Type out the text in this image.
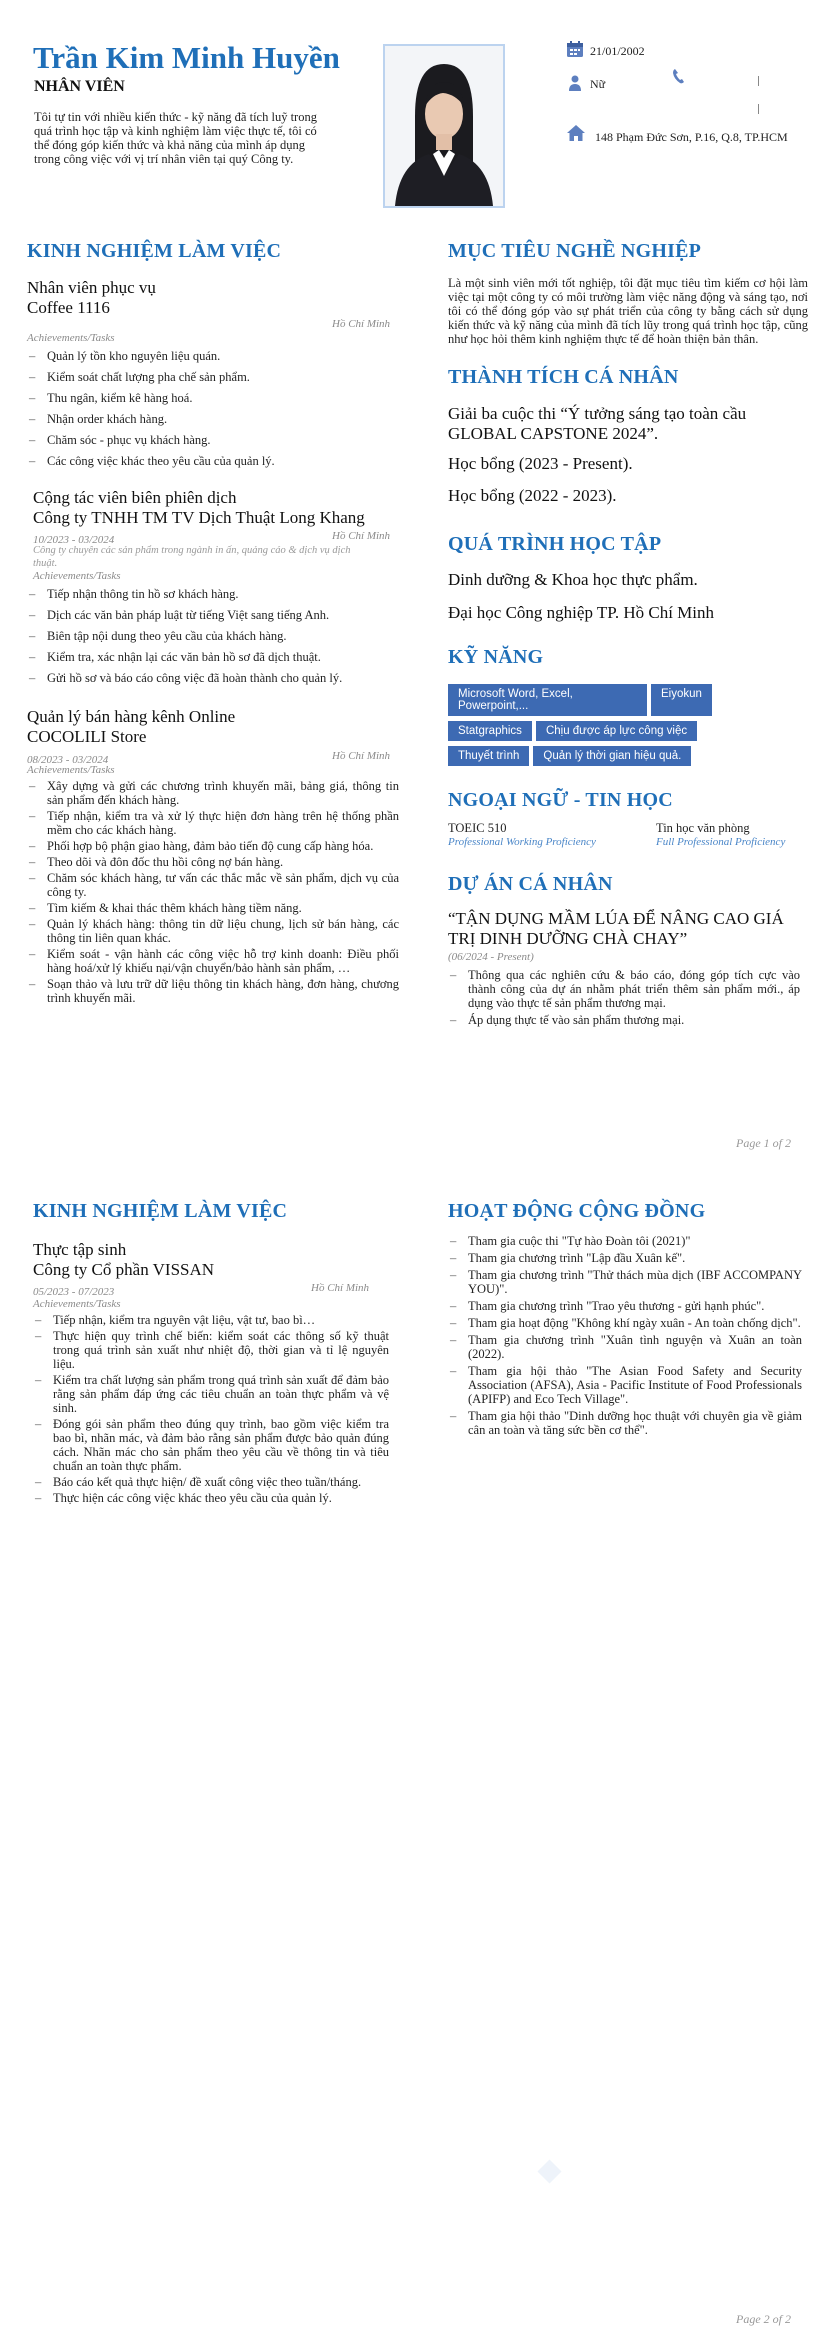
Trần Kim Minh Huyền
NHÂN VIÊN
Tôi tự tin với nhiều kiến thức - kỹ năng đã tích luỹ trong quá trình học tập và kinh nghiệm làm việc thực tế, tôi có thể đóng góp kiến thức và khả năng của mình áp dụng trong công việc với vị trí nhân viên tại quý Công ty.
21/01/2002
Nữ
148 Phạm Đức Sơn, P.16, Q.8, TP.HCM
KINH NGHIỆM LÀM VIỆC
Nhân viên phục vụ
Coffee 1116
Hồ Chí Minh
Achievements/Tasks
– Quản lý tồn kho nguyên liệu quán.
– Kiểm soát chất lượng pha chế sản phẩm.
– Thu ngân, kiểm kê hàng hoá.
– Nhận order khách hàng.
– Chăm sóc - phục vụ khách hàng.
– Các công việc khác theo yêu cầu của quản lý.
Cộng tác viên biên phiên dịch
Công ty TNHH TM TV Dịch Thuật Long Khang
10/2023 - 03/2024	Hồ Chí Minh
Công ty chuyên các sản phẩm trong ngành in ấn, quảng cáo & dịch vụ dịch thuật.
Achievements/Tasks
– Tiếp nhận thông tin hồ sơ khách hàng.
– Dịch các văn bản pháp luật từ tiếng Việt sang tiếng Anh.
– Biên tập nội dung theo yêu cầu của khách hàng.
– Kiểm tra, xác nhận lại các văn bản hồ sơ đã dịch thuật.
– Gửi hồ sơ và báo cáo công việc đã hoàn thành cho quản lý.
Quản lý bán hàng kênh Online
COCOLILI Store
08/2023 - 03/2024	Hồ Chí Minh
Achievements/Tasks
– Xây dựng và gửi các chương trình khuyến mãi, bảng giá, thông tin sản phẩm đến khách hàng.
– Tiếp nhận, kiểm tra và xử lý thực hiện đơn hàng trên hệ thống phần mềm cho các khách hàng.
– Phối hợp bộ phận giao hàng, đảm bảo tiến độ cung cấp hàng hóa.
– Theo dõi và đôn đốc thu hồi công nợ bán hàng.
– Chăm sóc khách hàng, tư vấn các thắc mắc về sản phẩm, dịch vụ của công ty.
– Tìm kiếm & khai thác thêm khách hàng tiềm năng.
– Quản lý khách hàng: thông tin dữ liệu chung, lịch sử bán hàng, các thông tin liên quan khác.
– Kiểm soát - vận hành các công việc hỗ trợ kinh doanh: Điều phối hàng hoá/xử lý khiếu nại/vận chuyển/bảo hành sản phẩm, …
– Soạn thảo và lưu trữ dữ liệu thông tin khách hàng, đơn hàng, chương trình khuyến mãi.
MỤC TIÊU NGHỀ NGHIỆP
Là một sinh viên mới tốt nghiệp, tôi đặt mục tiêu tìm kiếm cơ hội làm việc tại một công ty có môi trường làm việc năng động và sáng tạo, nơi tôi có thể đóng góp vào sự phát triển của công ty bằng cách sử dụng kiến thức và kỹ năng của mình đã tích lũy trong quá trình học tập, cũng như học hỏi thêm kinh nghiệm thực tế để hoàn thiện bản thân.
THÀNH TÍCH CÁ NHÂN
Giải ba cuộc thi “Ý tưởng sáng tạo toàn cầu GLOBAL CAPSTONE 2024”.
Học bổng (2023 - Present).
Học bổng (2022 - 2023).
QUÁ TRÌNH HỌC TẬP
Dinh dưỡng & Khoa học thực phẩm.
Đại học Công nghiệp TP. Hồ Chí Minh
KỸ NĂNG
Microsoft Word, Excel, Powerpoint,...
Eiyokun
Statgraphics	Chịu được áp lực công việc
Thuyết trình	Quản lý thời gian hiệu quả.
NGOẠI NGỮ - TIN HỌC
TOEIC 510
Professional Working Proficiency
Tin học văn phòng
Full Professional Proficiency
DỰ ÁN CÁ NHÂN
“TẬN DỤNG MẦM LÚA ĐỂ NÂNG CAO GIÁ TRỊ DINH DƯỠNG CHÀ CHAY”
(06/2024 - Present)
– Thông qua các nghiên cứu & báo cáo, đóng góp tích cực vào thành công của dự án nhằm phát triển thêm sản phẩm mới., áp dụng vào thực tế sản phẩm thương mại.
– Áp dụng thực tế vào sản phẩm thương mại.
Page 1 of 2
KINH NGHIỆM LÀM VIỆC
Thực tập sinh
Công ty Cổ phần VISSAN
05/2023 - 07/2023	Hồ Chí Minh
Achievements/Tasks
– Tiếp nhận, kiểm tra nguyên vật liệu, vật tư, bao bì…
– Thực hiện quy trình chế biến: kiểm soát các thông số kỹ thuật trong quá trình sản xuất như nhiệt độ, thời gian và tỉ lệ nguyên liệu.
– Kiểm tra chất lượng sản phẩm trong quá trình sản xuất để đảm bảo rằng sản phẩm đáp ứng các tiêu chuẩn an toàn thực phẩm và vệ sinh.
– Đóng gói sản phẩm theo đúng quy trình, bao gồm việc kiểm tra bao bì, nhãn mác, và đảm bảo rằng sản phẩm được bảo quản đúng cách. Nhãn mác cho sản phẩm theo yêu cầu về thông tin và tiêu chuẩn an toàn thực phẩm.
– Báo cáo kết quả thực hiện/ đề xuất công việc theo tuần/tháng.
– Thực hiện các công việc khác theo yêu cầu của quản lý.
HOẠT ĐỘNG CỘNG ĐỒNG
– Tham gia cuộc thi "Tự hào Đoàn tôi (2021)"
– Tham gia chương trình "Lập đầu Xuân kế".
– Tham gia chương trình "Thử thách mùa dịch (IBF ACCOMPANY YOU)".
– Tham gia chương trình "Trao yêu thương - gửi hạnh phúc".
– Tham gia hoạt động "Không khí ngày xuân - An toàn chống dịch".
– Tham gia chương trình "Xuân tình nguyện và Xuân an toàn (2022).
– Tham gia hội thảo "The Asian Food Safety and Security Association (AFSA), Asia - Pacific Institute of Food Professionals (APIFP) and Eco Tech Village".
– Tham gia hội thảo "Dinh dưỡng học thuật với chuyên gia về giảm cân an toàn và tăng sức bền cơ thể".
Page 2 of 2
